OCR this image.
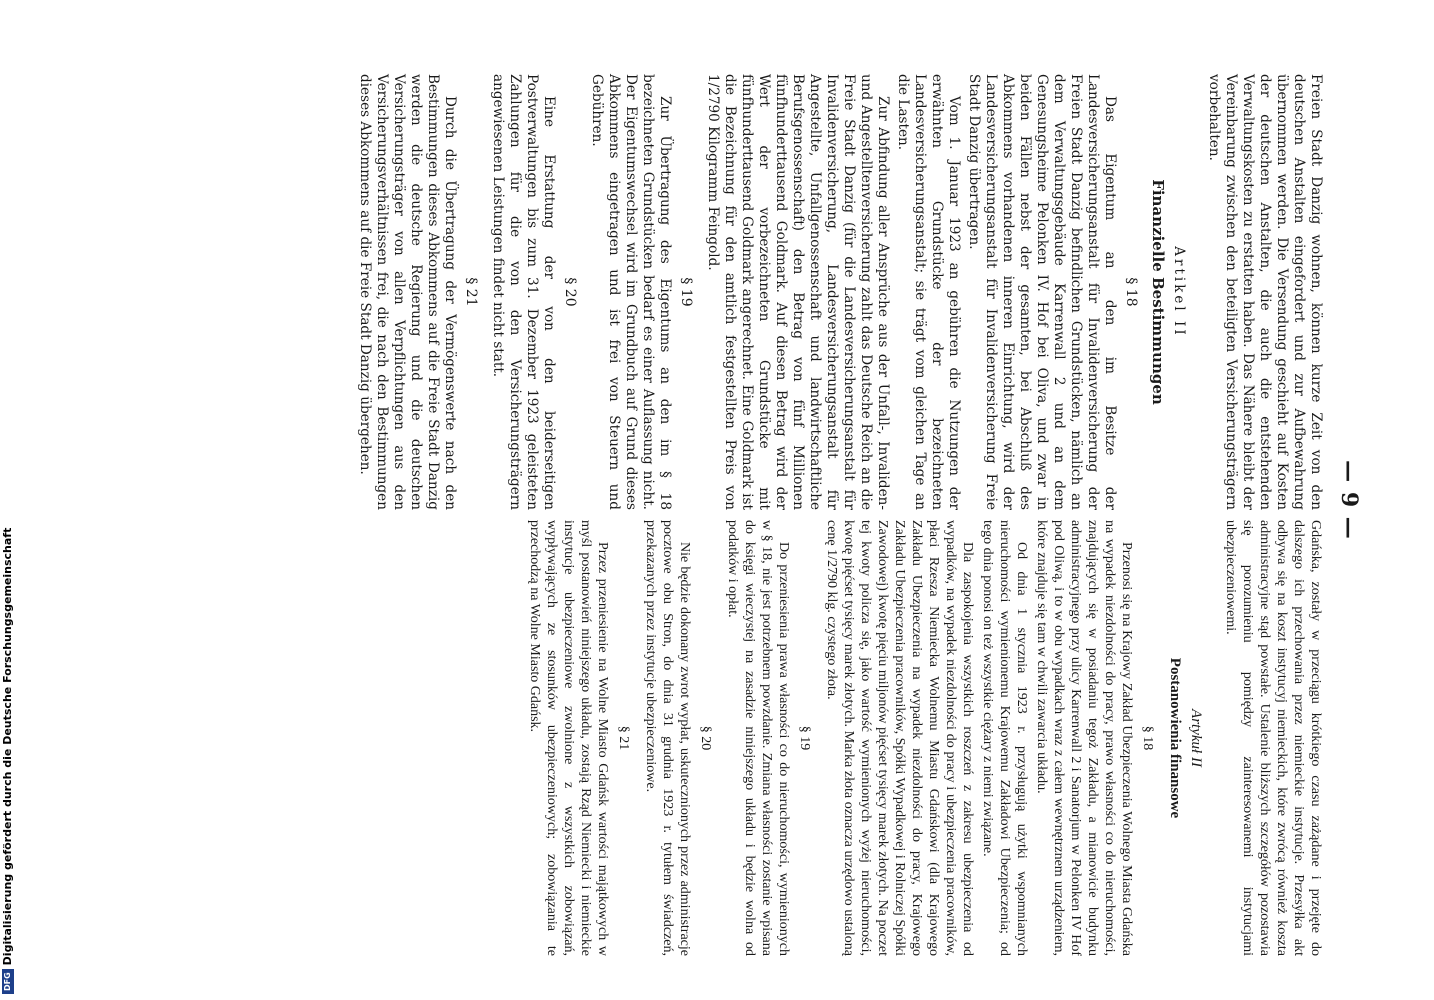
— 9 —

Freien Stadt Danzig wohnen, können kurze Zeit von den deutschen Anstalten eingefordert und zur Aufbewahrung übernommen werden. Die Versendung geschieht auf Kosten der deutschen Anstalten, die auch die entstehenden Verwaltungskosten zu erstatten haben. Das Nähere bleibt der Vereinbarung zwischen den beteiligten Versicherungsträgern vorbehalten.

Artikel II
Finanzielle Bestimmungen
§ 18

Das Eigentum an den im Besitze der Landesversicherungsanstalt für Invalidenversicherung der Freien Stadt Danzig befindlichen Grundstücken, nämlich an dem Verwaltungsgebäude Karrenwall 2 und an dem Genesungsheime Pelonken IV. Hof bei Oliva, und zwar in beiden Fällen nebst der gesamten, bei Abschluß des Abkommens vorhandenen inneren Einrichtung, wird der Landesversicherungsanstalt für Invalidenversicherung Freie Stadt Danzig übertragen.

Vom 1. Januar 1923 an gebühren die Nutzungen der erwähnten Grundstücke der bezeichneten Landesversicherungsanstalt; sie trägt vom gleichen Tage an die Lasten.

Zur Abfindung aller Ansprüche aus der Unfall-, Invaliden- und Angestelltenversicherung zahlt das Deutsche Reich an die Freie Stadt Danzig (für die Landesversicherungsanstalt für Invalidenversicherung, Landesversicherungsanstalt für Angestellte, Unfallgenossenschaft und landwirtschaftliche Berufsgenossenschaft) den Betrag von fünf Millionen fünfhunderttausend Goldmark. Auf diesen Betrag wird der Wert der vorbezeichneten Grundstücke mit fünfhunderttausend Goldmark angerechnet. Eine Goldmark ist die Bezeichnung für den amtlich festgestellten Preis von 1/2790 Kilogramm Feingold.

§ 19

Zur Übertragung des Eigentums an den im § 18 bezeichneten Grundstücken bedarf es einer Auflassung nicht. Der Eigentumswechsel wird im Grundbuch auf Grund dieses Abkommens eingetragen und ist frei von Steuern und Gebühren.

§ 20

Eine Erstattung der von den beiderseitigen Postverwaltungen bis zum 31. Dezember 1923 geleisteten Zahlungen für die von den Versicherungsträgern angewiesenen Leistungen findet nicht statt.

§ 21

Durch die Übertragung der Vermögenswerte nach den Bestimmungen dieses Abkommens auf die Freie Stadt Danzig werden die deutsche Regierung und die deutschen Versicherungsträger von allen Verpflichtungen aus den Versicherungsverhältnissen frei, die nach den Bestimmungen dieses Abkommens auf die Freie Stadt Danzig übergehen.

Gdańska, zostały w przeciągu krótkiego czasu zażądane i przejęte do dalszego ich przechowania przez niemieckie instytucje. Przesyłka akt odbywa się na koszt instytucyj niemieckich, które zwrócą również koszta administracyjne stąd powstałe. Ustalenie bliższych szczegółów pozostawia się porozumieniu pomiędzy zainteresowanemi instytucjami ubezpieczeniowemi.

Artykuł II
Postanowienia finansowe
§ 18

Przenosi się na Krajowy Zakład Ubezpieczenia Wolnego Miasta Gdańska na wypadek niezdolności do pracy, prawo własności co do nieruchomości, znajdujących się w posiadaniu tegoż Zakładu, a mianowicie budynku administracyjnego przy ulicy Karrenwall 2 i Sanatorjum w Pelonken IV Hof pod Oliwą, i to w obu wypadkach wraz z całem wewnętrznem urządzeniem, które znajduje się tam w chwili zawarcia układu.

Od dnia 1 stycznia 1923 r. przysługują użytki wspomnianych nieruchomości wymienionemu Krajowemu Zakładowi Ubezpieczenia; od tego dnia ponosi on też wszystkie ciężary z niemi związane.

Dla zaspokojenia wszystkich roszczeń z zakresu ubezpieczenia od wypadków, na wypadek niezdolności do pracy i ubezpieczenia pracowników, płaci Rzesza Niemiecka Wolnemu Miastu Gdańskowi (dla Krajowego Zakładu Ubezpieczenia na wypadek niezdolności do pracy, Krajowego Zakładu Ubezpieczenia pracowników, Spółki Wypadkowej i Rolniczej Spółki Zawodowej) kwotę pięciu miljonów pięćset tysięcy marek złotych. Na poczet tej kwoty policza się, jako wartość wymienionych wyżej nieruchomości, kwotę pięćset tysięcy marek złotych. Marka złota oznacza urzędowo ustaloną cenę 1/2790 klg. czystego złota.

§ 19

Do przeniesienia prawa własności co do nieruchomości, wymienionych w § 18, nie jest potrzebnem powzdanie. Zmiana własności zostanie wpisana do księgi wieczystej na zasadzie niniejszego układu i będzie wolna od podatków i opłat.

§ 20

Nie będzie dokonany zwrot wypłat, uskutecznionych przez administracje pocztowe obu Stron, do dnia 31 grudnia 1923 r. tytułem świadczeń, przekazanych przez instytucje ubezpieczeniowe.

§ 21

Przez przeniesienie na Wolne Miasto Gdańsk wartości majątkowych w myśl postanowień niniejszego układu, zostają Rząd Niemiecki i niemieckie instytucje ubezpieczeniowe zwolnione z wszystkich zobowiązań, wypływających ze stosunków ubezpieczeniowych; zobowiązania te przechodzą na Wolne Miasto Gdańsk.

DFGDigitalisierung gefördert durch die Deutsche Forschungsgemeinschaft
